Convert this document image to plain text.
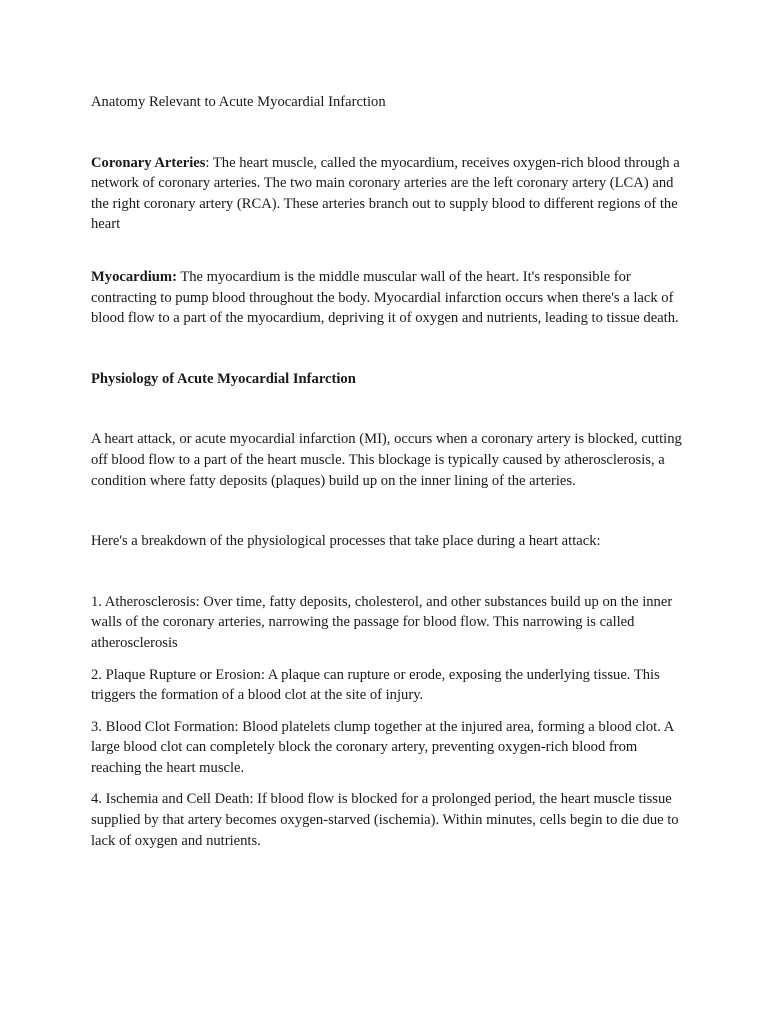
Anatomy Relevant to Acute Myocardial Infarction

Coronary Arteries: The heart muscle, called the myocardium, receives oxygen-rich blood through a network of coronary arteries. The two main coronary arteries are the left coronary artery (LCA) and the right coronary artery (RCA). These arteries branch out to supply blood to different regions of the heart

Myocardium: The myocardium is the middle muscular wall of the heart. It's responsible for contracting to pump blood throughout the body. Myocardial infarction occurs when there's a lack of blood flow to a part of the myocardium, depriving it of oxygen and nutrients, leading to tissue death.

Physiology of Acute Myocardial Infarction

A heart attack, or acute myocardial infarction (MI), occurs when a coronary artery is blocked, cutting off blood flow to a part of the heart muscle. This blockage is typically caused by atherosclerosis, a condition where fatty deposits (plaques) build up on the inner lining of the arteries.

Here's a breakdown of the physiological processes that take place during a heart attack:

1. Atherosclerosis: Over time, fatty deposits, cholesterol, and other substances build up on the inner walls of the coronary arteries, narrowing the passage for blood flow. This narrowing is called atherosclerosis

2. Plaque Rupture or Erosion: A plaque can rupture or erode, exposing the underlying tissue. This triggers the formation of a blood clot at the site of injury.

3. Blood Clot Formation: Blood platelets clump together at the injured area, forming a blood clot. A large blood clot can completely block the coronary artery, preventing oxygen-rich blood from reaching the heart muscle.

4. Ischemia and Cell Death: If blood flow is blocked for a prolonged period, the heart muscle tissue supplied by that artery becomes oxygen-starved (ischemia). Within minutes, cells begin to die due to lack of oxygen and nutrients.
